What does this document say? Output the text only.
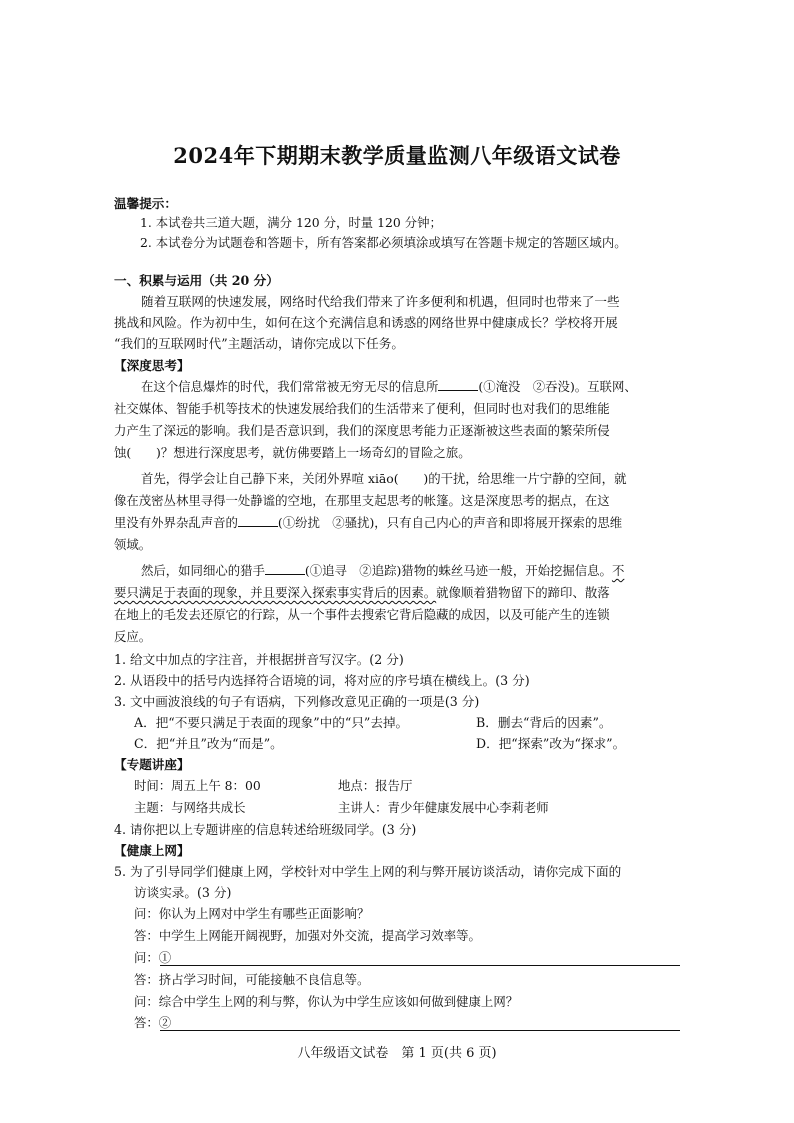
2024年下期期末教学质量监测八年级语文试卷
温馨提示：
1. 本试卷共三道大题，满分 120 分，时量 120 分钟；
2. 本试卷分为试题卷和答题卡，所有答案都必须填涂或填写在答题卡规定的答题区域内。
一、积累与运用（共 20 分）
随着互联网的快速发展，网络时代给我们带来了许多便利和机遇，但同时也带来了一些
挑战和风险。作为初中生，如何在这个充满信息和诱惑的网络世界中健康成长？学校将开展
“我们的互联网时代”主题活动，请你完成以下任务。
【深度思考】
在这个信息爆炸的时代，我们常常被无穷无尽的信息所	(①淹没　②吞没)。互联网、
社交媒体、智能手机等技术的快速发展给我们的生活带来了便利，但同时也对我们的思维能
力产生了深远的影响。我们是否意识到，我们的深度思考能力正逐渐被这些表面的繁荣所侵
蚀(　　)？想进行深度思考，就仿佛要踏上一场奇幻的冒险之旅。
首先，得学会让自己静下来，关闭外界喧 xiāo(　　)的干扰，给思维一片宁静的空间，就
像在茂密丛林里寻得一处静谧的空地，在那里支起思考的帐篷。这是深度思考的据点，在这
里没有外界杂乱声音的	(①纷扰　②骚扰)，只有自己内心的声音和即将展开探索的思维
领域。
然后，如同细心的猎手	(①追寻　②追踪)猎物的蛛丝马迹一般，开始挖掘信息。不
要只满足于表面的现象，并且要深入探索事实背后的因素。就像顺着猎物留下的蹄印、散落
在地上的毛发去还原它的行踪，从一个事件去搜索它背后隐藏的成因，以及可能产生的连锁
反应。
1. 给文中加点的字注音，并根据拼音写汉字。(2 分)
2. 从语段中的括号内选择符合语境的词，将对应的序号填在横线上。(3 分)
3. 文中画波浪线的句子有语病，下列修改意见正确的一项是(3 分)
A．把“不要只满足于表面的现象”中的“只”去掉。	B．删去“背后的因素”。
C．把“并且”改为“而是”。	D．把“探索”改为“探求”。
【专题讲座】
时间：周五上午 8：00	地点：报告厅
主题：与网络共成长	主讲人：青少年健康发展中心李莉老师
4. 请你把以上专题讲座的信息转述给班级同学。(3 分)
【健康上网】
5. 为了引导同学们健康上网，学校针对中学生上网的利与弊开展访谈活动，请你完成下面的
访谈实录。(3 分)
问：你认为上网对中学生有哪些正面影响？
答：中学生上网能开阔视野，加强对外交流，提高学习效率等。
问：①
答：挤占学习时间，可能接触不良信息等。
问：综合中学生上网的利与弊，你认为中学生应该如何做到健康上网？
答：②
八年级语文试卷　第 1 页(共 6 页)
